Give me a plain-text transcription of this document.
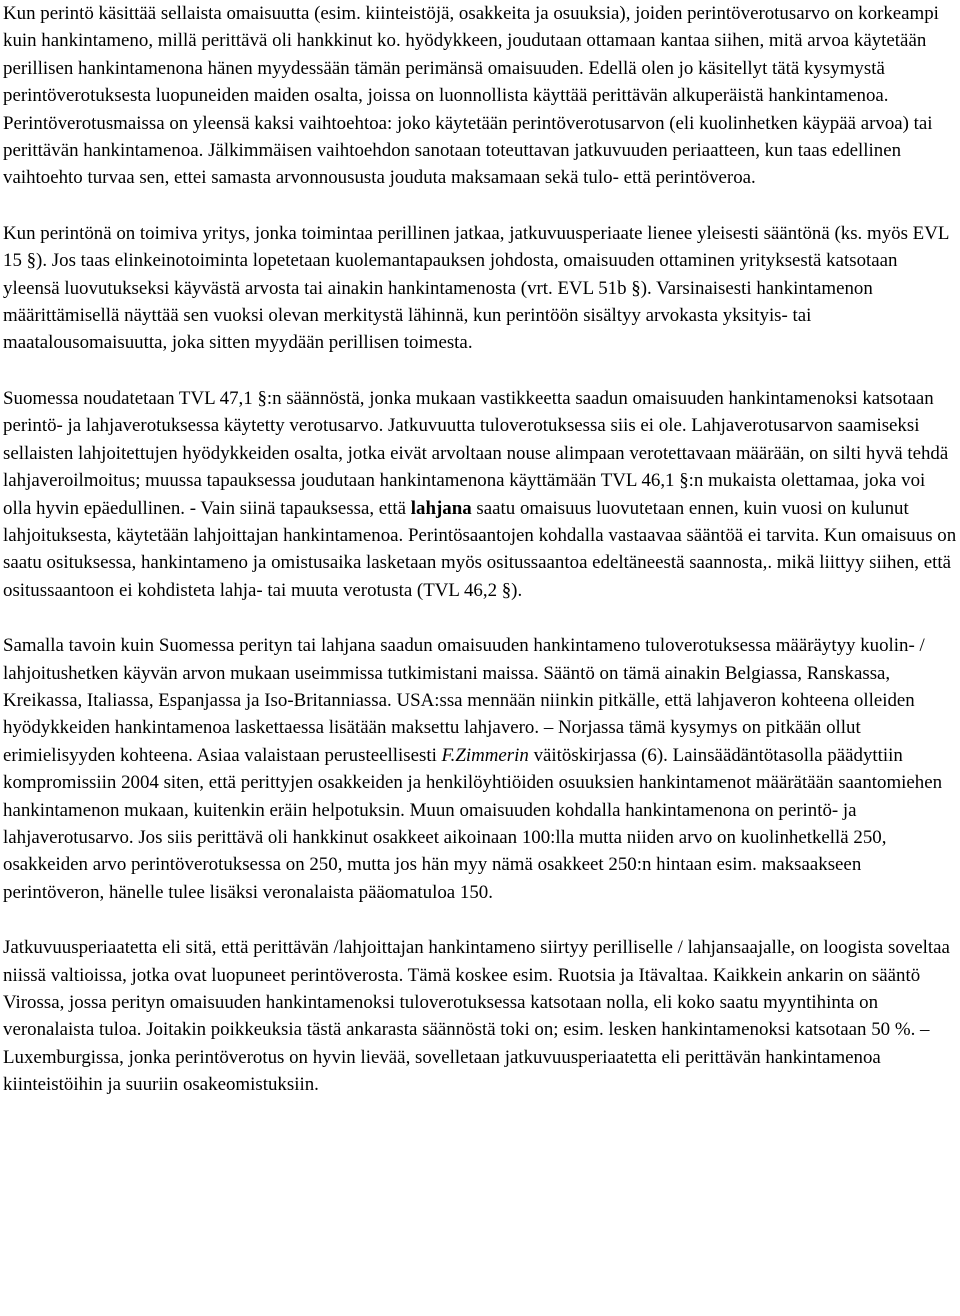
Kun perintö käsittää sellaista omaisuutta (esim. kiinteistöjä, osakkeita ja osuuksia), joiden perintöverotusarvo on korkeampi kuin hankintameno, millä perittävä oli hankkinut ko. hyödykkeen, joudutaan ottamaan kantaa siihen, mitä arvoa käytetään perillisen hankintamenona hänen myydessään tämän perimänsä omaisuuden. Edellä olen jo käsitellyt tätä kysymystä perintöverotuksesta luopuneiden maiden osalta, joissa on luonnollista käyttää perittävän alkuperäistä hankintamenoa. Perintöverotusmaissa on yleensä kaksi vaihtoehtoa: joko käytetään perintöverotusarvon (eli kuolinhetken käypää arvoa) tai perittävän hankintamenoa. Jälkimmäisen vaihtoehdon sanotaan toteuttavan jatkuvuuden periaatteen, kun taas edellinen vaihtoehto turvaa sen, ettei samasta arvonnoususta jouduta maksamaan sekä tulo- että perintöveroa.

Kun perintönä on toimiva yritys, jonka toimintaa perillinen jatkaa, jatkuvuusperiaate lienee yleisesti sääntönä (ks. myös EVL 15 §). Jos taas elinkeinotoiminta lopetetaan kuolemantapauksen johdosta, omaisuuden ottaminen yrityksestä katsotaan yleensä luovutukseksi käyvästä arvosta tai ainakin hankintamenosta (vrt. EVL 51b §). Varsinaisesti hankintamenon määrittämisellä näyttää sen vuoksi olevan merkitystä lähinnä, kun perintöön sisältyy arvokasta yksityis- tai maatalousomaisuutta, joka sitten myydään perillisen toimesta.

Suomessa noudatetaan TVL 47,1 §:n säännöstä, jonka mukaan vastikkeetta saadun omaisuuden hankintamenoksi katsotaan perintö- ja lahjaverotuksessa käytetty verotusarvo. Jatkuvuutta tuloverotuksessa siis ei ole. Lahjaverotusarvon saamiseksi sellaisten lahjoitettujen hyödykkeiden osalta, jotka eivät arvoltaan nouse alimpaan verotettavaan määrään, on silti hyvä tehdä lahjaveroilmoitus; muussa tapauksessa joudutaan hankintamenona käyttämään TVL 46,1 §:n mukaista olettamaa, joka voi olla hyvin epäedullinen. - Vain siinä tapauksessa, että lahjana saatu omaisuus luovutetaan ennen, kuin vuosi on kulunut lahjoituksesta, käytetään lahjoittajan hankintamenoa. Perintösaantojen kohdalla vastaavaa sääntöä ei tarvita. Kun omaisuus on saatu osituksessa, hankintameno ja omistusaika lasketaan myös ositussaantoa edeltäneestä saannosta,. mikä liittyy siihen, että ositussaantoon ei kohdisteta lahja- tai muuta verotusta (TVL 46,2 §).

Samalla tavoin kuin Suomessa perityn tai lahjana saadun omaisuuden hankintameno tuloverotuksessa määräytyy kuolin- / lahjoitushetken käyvän arvon mukaan useimmissa tutkimistani maissa. Sääntö on tämä ainakin Belgiassa, Ranskassa, Kreikassa, Italiassa, Espanjassa ja Iso-Britanniassa. USA:ssa mennään niinkin pitkälle, että lahjaveron kohteena olleiden hyödykkeiden hankintamenoa laskettaessa lisätään maksettu lahjavero. – Norjassa tämä kysymys on pitkään ollut erimielisyyden kohteena. Asiaa valaistaan perusteellisesti F.Zimmerin väitöskirjassa (6). Lainsäädäntötasolla päädyttiin kompromissiin 2004 siten, että perittyjen osakkeiden ja henkilöyhtiöiden osuuksien hankintamenot määrätään saantomiehen hankintamenon mukaan, kuitenkin eräin helpotuksin. Muun omaisuuden kohdalla hankintamenona on perintö- ja lahjaverotusarvo. Jos siis perittävä oli hankkinut osakkeet aikoinaan 100:lla mutta niiden arvo on kuolinhetkellä 250, osakkeiden arvo perintöverotuksessa on 250, mutta jos hän myy nämä osakkeet 250:n hintaan esim. maksaakseen perintöveron, hänelle tulee lisäksi veronalaista pääomatuloa 150.

Jatkuvuusperiaatetta eli sitä, että perittävän /lahjoittajan hankintameno siirtyy perilliselle / lahjansaajalle, on loogista soveltaa niissä valtioissa, jotka ovat luopuneet perintöverosta. Tämä koskee esim. Ruotsia ja Itävaltaa. Kaikkein ankarin on sääntö Virossa, jossa perityn omaisuuden hankintamenoksi tuloverotuksessa katsotaan nolla, eli koko saatu myyntihinta on veronalaista tuloa. Joitakin poikkeuksia tästä ankarasta säännöstä toki on; esim. lesken hankintamenoksi katsotaan 50 %. – Luxemburgissa, jonka perintöverotus on hyvin lievää, sovelletaan jatkuvuusperiaatetta eli perittävän hankintamenoa kiinteistöihin ja suuriin osakeomistuksiin.
